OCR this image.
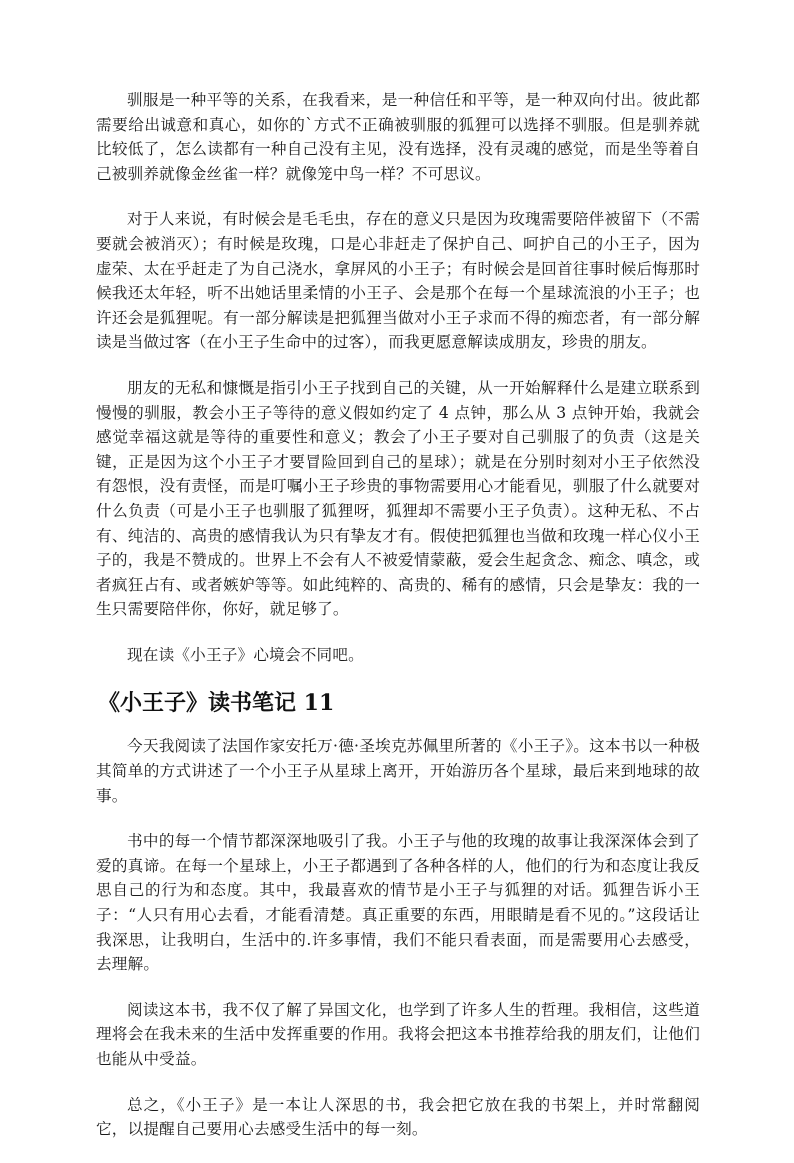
驯服是一种平等的关系，在我看来，是一种信任和平等，是一种双向付出。彼此都需要给出诚意和真心，如你的`方式不正确被驯服的狐狸可以选择不驯服。但是驯养就比较低了，怎么读都有一种自己没有主见，没有选择，没有灵魂的感觉，而是坐等着自己被驯养就像金丝雀一样？就像笼中鸟一样？不可思议。

对于人来说，有时候会是毛毛虫，存在的意义只是因为玫瑰需要陪伴被留下（不需要就会被消灭）；有时候是玫瑰，口是心非赶走了保护自己、呵护自己的小王子，因为虚荣、太在乎赶走了为自己浇水，拿屏风的小王子；有时候会是回首往事时候后悔那时候我还太年轻，听不出她话里柔情的小王子、会是那个在每一个星球流浪的小王子；也许还会是狐狸呢。有一部分解读是把狐狸当做对小王子求而不得的痴恋者，有一部分解读是当做过客（在小王子生命中的过客），而我更愿意解读成朋友，珍贵的朋友。

朋友的无私和慷慨是指引小王子找到自己的关键，从一开始解释什么是建立联系到慢慢的驯服，教会小王子等待的意义假如约定了 4 点钟，那么从 3 点钟开始，我就会感觉幸福这就是等待的重要性和意义；教会了小王子要对自己驯服了的负责（这是关键，正是因为这个小王子才要冒险回到自己的星球）；就是在分别时刻对小王子依然没有怨恨，没有责怪，而是叮嘱小王子珍贵的事物需要用心才能看见，驯服了什么就要对什么负责（可是小王子也驯服了狐狸呀，狐狸却不需要小王子负责）。这种无私、不占有、纯洁的、高贵的感情我认为只有挚友才有。假使把狐狸也当做和玫瑰一样心仪小王子的，我是不赞成的。世界上不会有人不被爱情蒙蔽，爱会生起贪念、痴念、嗔念，或者疯狂占有、或者嫉妒等等。如此纯粹的、高贵的、稀有的感情，只会是挚友：我的一生只需要陪伴你，你好，就足够了。

现在读《小王子》心境会不同吧。

《小王子》读书笔记 11

今天我阅读了法国作家安托万·德·圣埃克苏佩里所著的《小王子》。这本书以一种极其简单的方式讲述了一个小王子从星球上离开，开始游历各个星球，最后来到地球的故事。

书中的每一个情节都深深地吸引了我。小王子与他的玫瑰的故事让我深深体会到了爱的真谛。在每一个星球上，小王子都遇到了各种各样的人，他们的行为和态度让我反思自己的行为和态度。其中，我最喜欢的情节是小王子与狐狸的对话。狐狸告诉小王子：“人只有用心去看，才能看清楚。真正重要的东西，用眼睛是看不见的。”这段话让我深思，让我明白，生活中的.许多事情，我们不能只看表面，而是需要用心去感受，去理解。

阅读这本书，我不仅了解了异国文化，也学到了许多人生的哲理。我相信，这些道理将会在我未来的生活中发挥重要的作用。我将会把这本书推荐给我的朋友们，让他们也能从中受益。

总之，《小王子》是一本让人深思的书，我会把它放在我的书架上，并时常翻阅它，以提醒自己要用心去感受生活中的每一刻。
